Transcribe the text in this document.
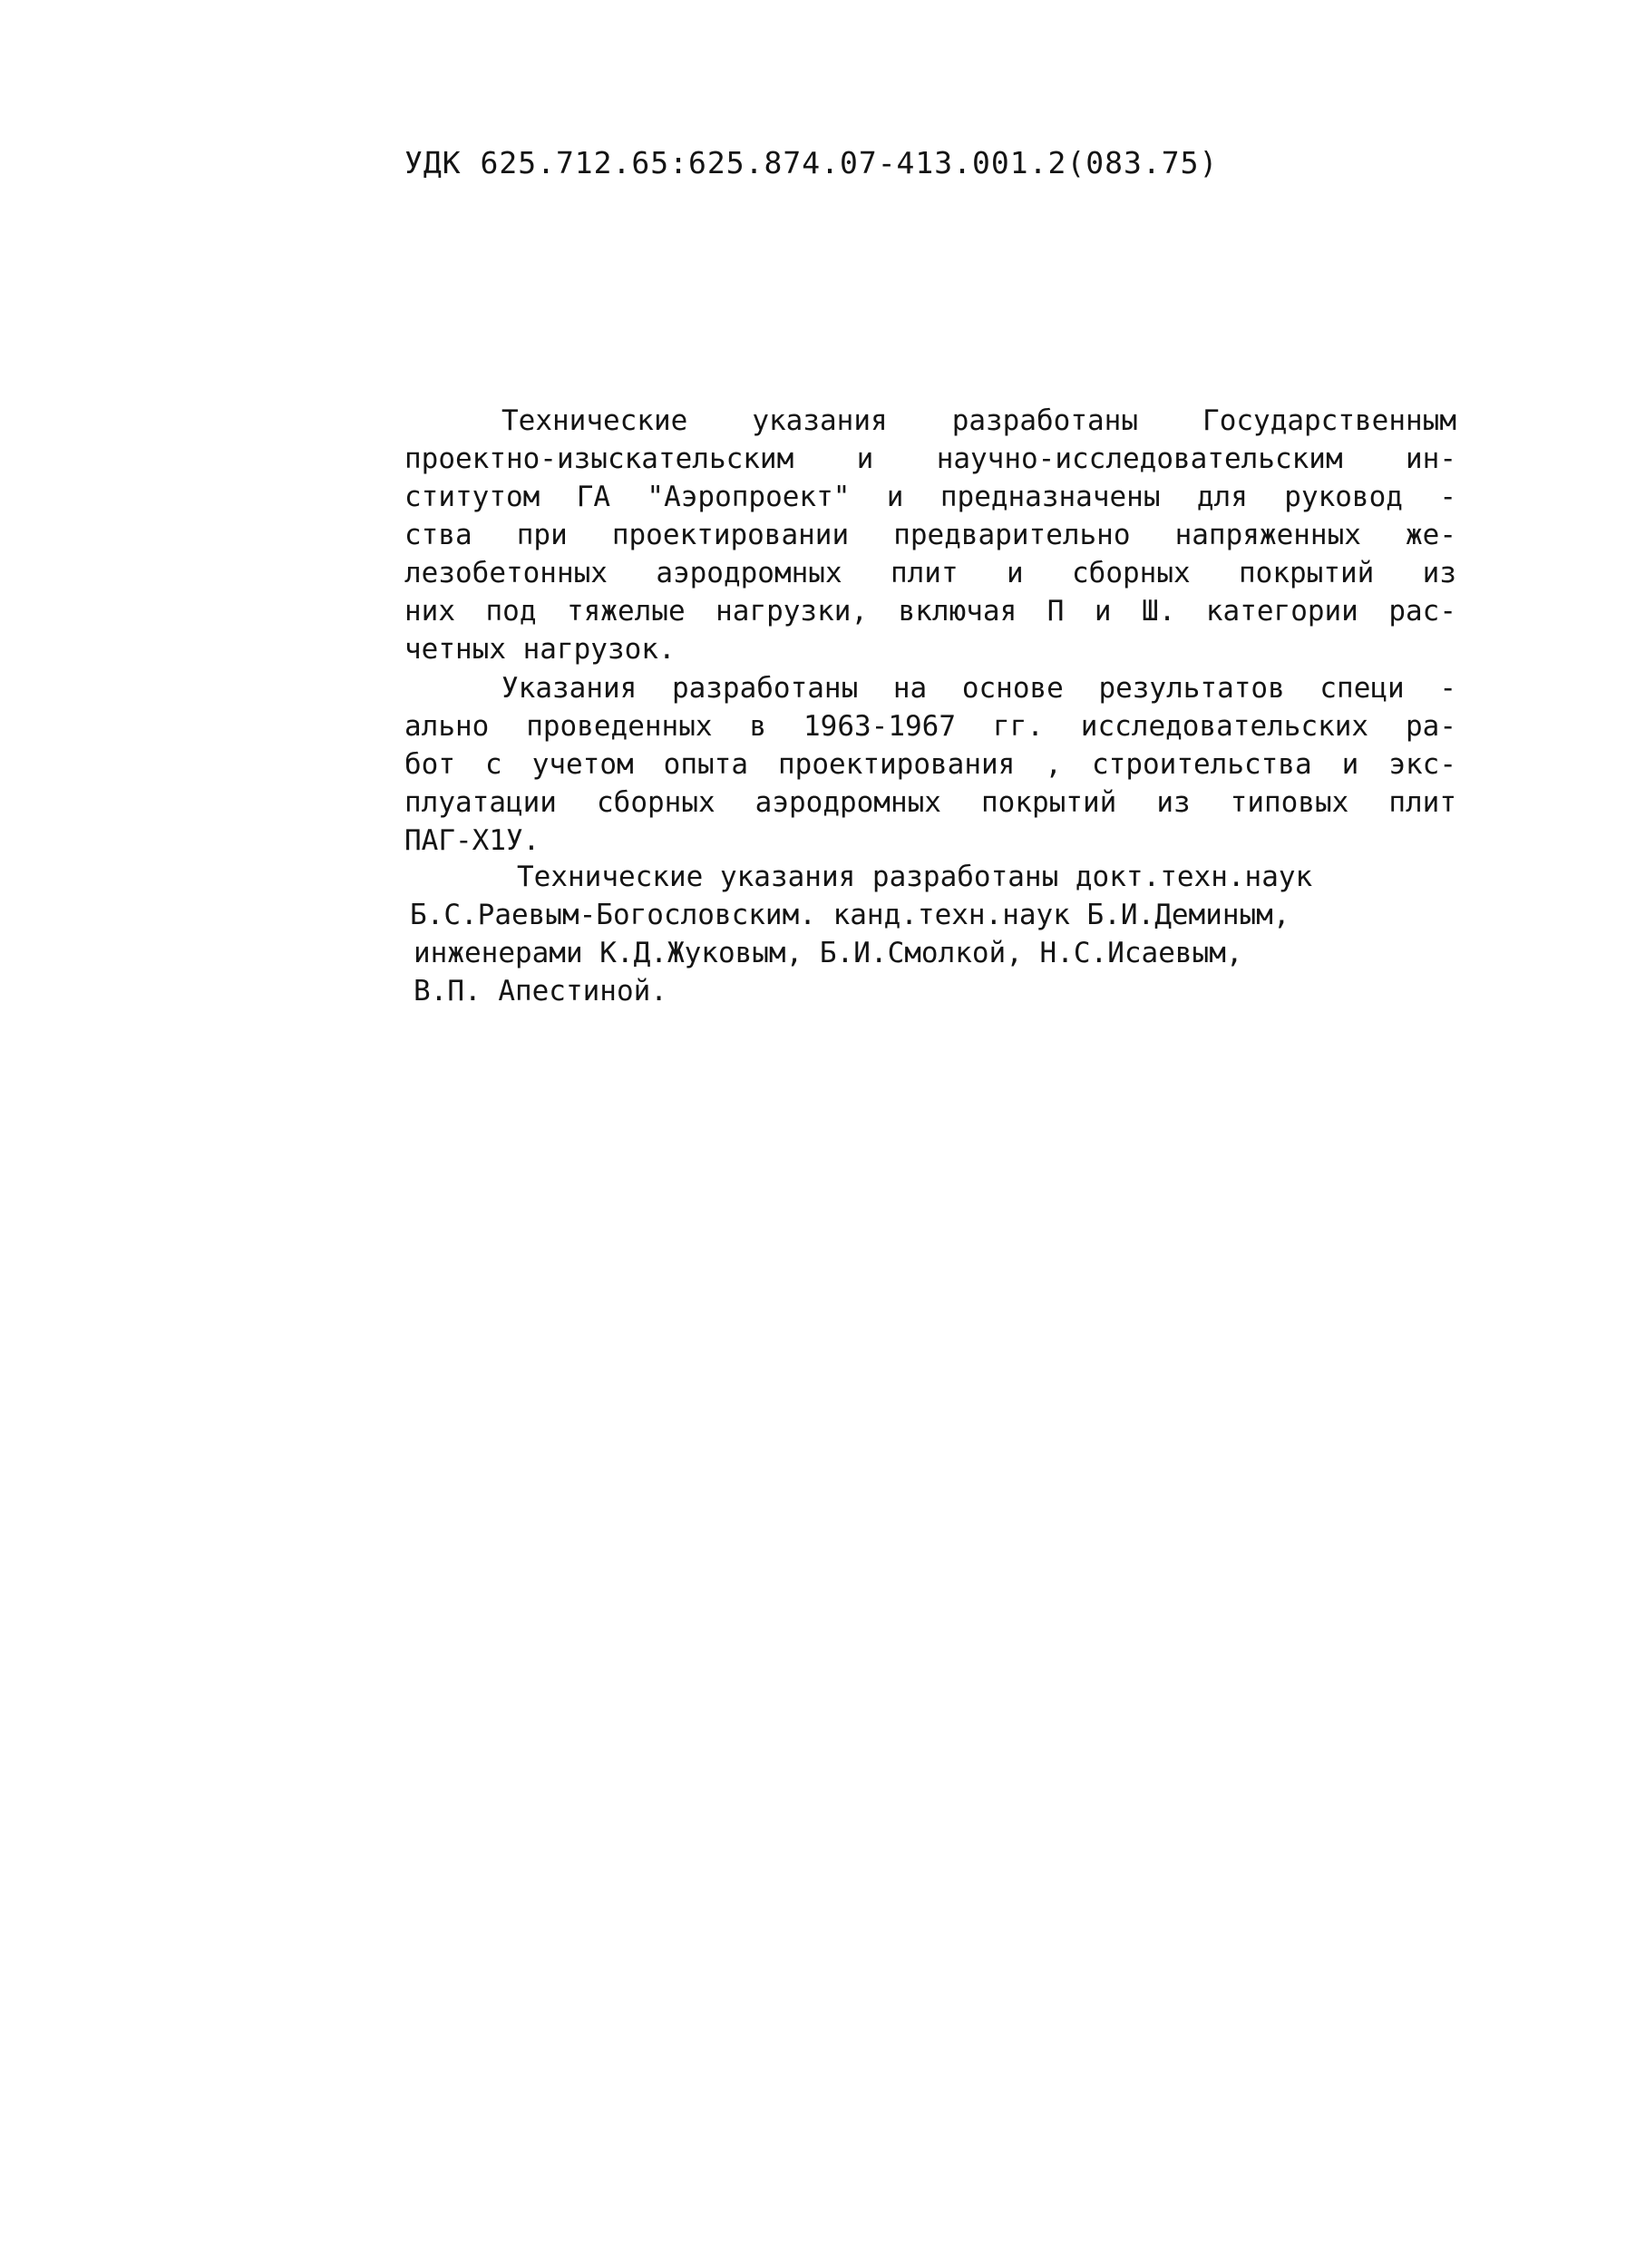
УДК 625.712.65:625.874.07-413.001.2(083.75)
Технические указания разработаны Государственным
проектно-изыскательским и научно-исследовательским ин-
ститутом ГА "Аэропроект" и предназначены для руковод -
ства при проектировании предварительно напряженных же-
лезобетонных аэродромных плит и сборных покрытий из
них под тяжелые нагрузки, включая П и Ш. категории рас-
четных нагрузок.
Указания разработаны на основе результатов специ -
ально проведенных в 1963-1967 гг. исследовательских ра-
бот с учетом опыта проектирования , строительства и экс-
плуатации сборных аэродромных покрытий из типовых плит
ПАГ-Х1У.
Технические указания разработаны докт.техн.наук
Б.С.Раевым-Богословским. канд.техн.наук Б.И.Деминым,
инженерами К.Д.Жуковым, Б.И.Смолкой, Н.С.Исаевым,
В.П. Апестиной.
